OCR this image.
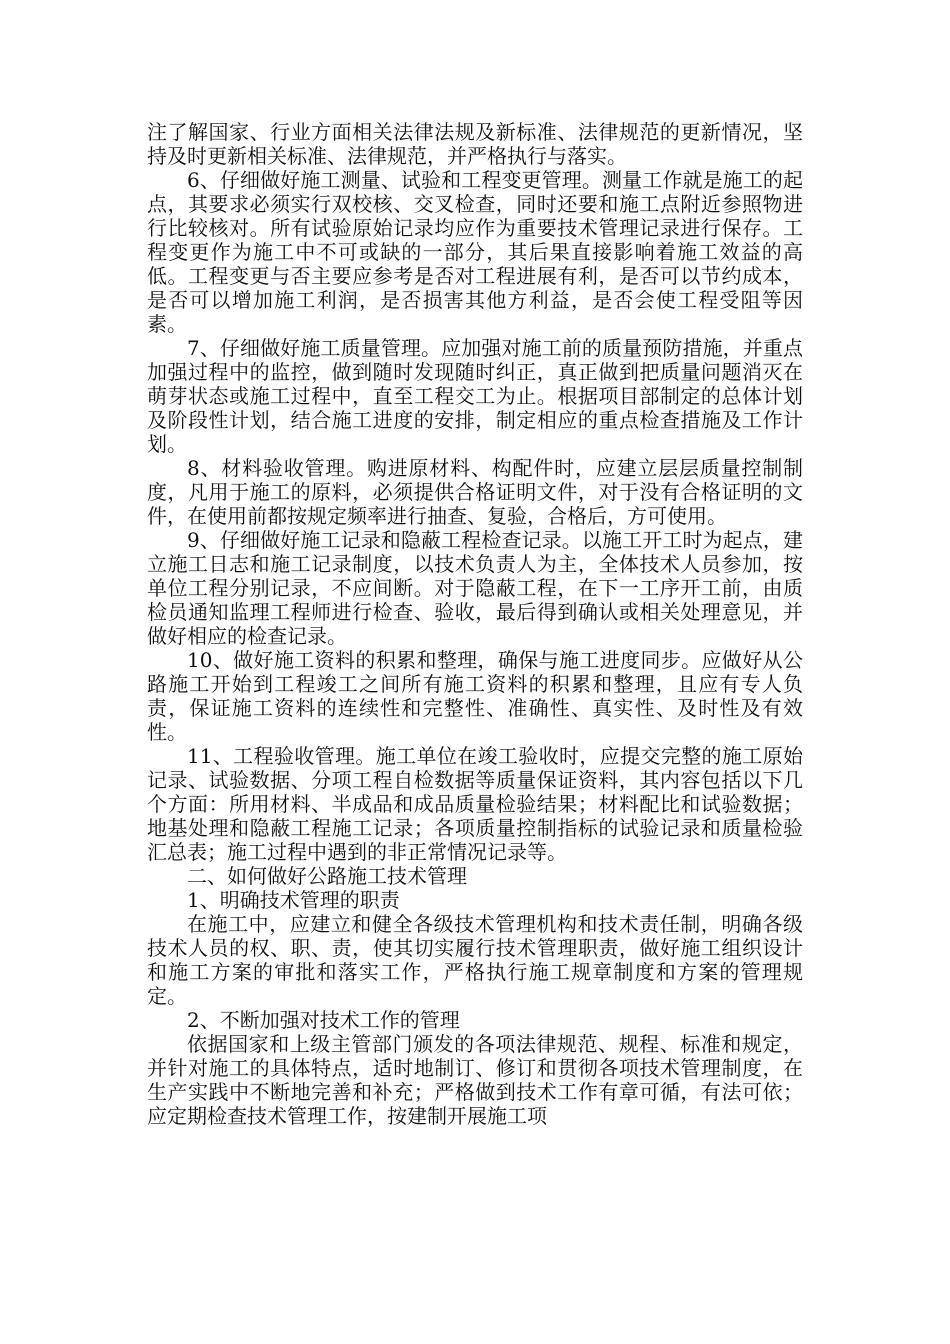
注了解国家、行业方面相关法律法规及新标准、法律规范的更新情况，坚持及时更新相关标准、法律规范，并严格执行与落实。

6、仔细做好施工测量、试验和工程变更管理。测量工作就是施工的起点，其要求必须实行双校核、交叉检查，同时还要和施工点附近参照物进行比较核对。所有试验原始记录均应作为重要技术管理记录进行保存。工程变更作为施工中不可或缺的一部分，其后果直接影响着施工效益的高低。工程变更与否主要应参考是否对工程进展有利，是否可以节约成本，是否可以增加施工利润，是否损害其他方利益，是否会使工程受阻等因素。

7、仔细做好施工质量管理。应加强对施工前的质量预防措施，并重点加强过程中的监控，做到随时发现随时纠正，真正做到把质量问题消灭在萌芽状态或施工过程中，直至工程交工为止。根据项目部制定的总体计划及阶段性计划，结合施工进度的安排，制定相应的重点检查措施及工作计划。

8、材料验收管理。购进原材料、构配件时，应建立层层质量控制制度，凡用于施工的原料，必须提供合格证明文件，对于没有合格证明的文件，在使用前都按规定频率进行抽查、复验，合格后，方可使用。

9、仔细做好施工记录和隐蔽工程检查记录。以施工开工时为起点，建立施工日志和施工记录制度，以技术负责人为主，全体技术人员参加，按单位工程分别记录，不应间断。对于隐蔽工程，在下一工序开工前，由质检员通知监理工程师进行检查、验收，最后得到确认或相关处理意见，并做好相应的检查记录。

10、做好施工资料的积累和整理，确保与施工进度同步。应做好从公路施工开始到工程竣工之间所有施工资料的积累和整理，且应有专人负责，保证施工资料的连续性和完整性、准确性、真实性、及时性及有效性。

11、工程验收管理。施工单位在竣工验收时，应提交完整的施工原始记录、试验数据、分项工程自检数据等质量保证资料，其内容包括以下几个方面：所用材料、半成品和成品质量检验结果；材料配比和试验数据；地基处理和隐蔽工程施工记录；各项质量控制指标的试验记录和质量检验汇总表；施工过程中遇到的非正常情况记录等。

二、如何做好公路施工技术管理

1、明确技术管理的职责

在施工中，应建立和健全各级技术管理机构和技术责任制，明确各级技术人员的权、职、责，使其切实履行技术管理职责，做好施工组织设计和施工方案的审批和落实工作，严格执行施工规章制度和方案的管理规定。

2、不断加强对技术工作的管理

依据国家和上级主管部门颁发的各项法律规范、规程、标准和规定，并针对施工的具体特点，适时地制订、修订和贯彻各项技术管理制度，在生产实践中不断地完善和补充；严格做到技术工作有章可循，有法可依；应定期检查技术管理工作，按建制开展施工项
